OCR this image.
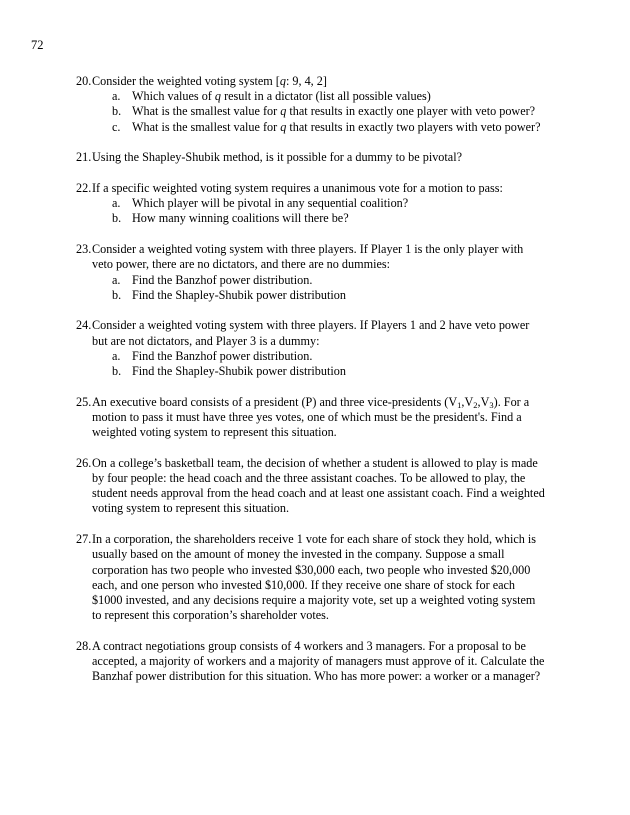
72
20. Consider the weighted voting system [q: 9, 4, 2]
a. Which values of q result in a dictator (list all possible values)
b. What is the smallest value for q that results in exactly one player with veto power?
c. What is the smallest value for q that results in exactly two players with veto power?
21. Using the Shapley-Shubik method, is it possible for a dummy to be pivotal?
22. If a specific weighted voting system requires a unanimous vote for a motion to pass:
a. Which player will be pivotal in any sequential coalition?
b. How many winning coalitions will there be?
23. Consider a weighted voting system with three players. If Player 1 is the only player with veto power, there are no dictators, and there are no dummies:
a. Find the Banzhof power distribution.
b. Find the Shapley-Shubik power distribution
24. Consider a weighted voting system with three players. If Players 1 and 2 have veto power but are not dictators, and Player 3 is a dummy:
a. Find the Banzhof power distribution.
b. Find the Shapley-Shubik power distribution
25. An executive board consists of a president (P) and three vice-presidents $(V_1,V_2,V_3)$. For a motion to pass it must have three yes votes, one of which must be the president's. Find a weighted voting system to represent this situation.
26. On a college’s basketball team, the decision of whether a student is allowed to play is made by four people: the head coach and the three assistant coaches. To be allowed to play, the student needs approval from the head coach and at least one assistant coach. Find a weighted voting system to represent this situation.
27. In a corporation, the shareholders receive 1 vote for each share of stock they hold, which is usually based on the amount of money the invested in the company. Suppose a small corporation has two people who invested $30,000 each, two people who invested $20,000 each, and one person who invested $10,000. If they receive one share of stock for each $1000 invested, and any decisions require a majority vote, set up a weighted voting system to represent this corporation’s shareholder votes.
28. A contract negotiations group consists of 4 workers and 3 managers. For a proposal to be accepted, a majority of workers and a majority of managers must approve of it. Calculate the Banzhaf power distribution for this situation. Who has more power: a worker or a manager?
